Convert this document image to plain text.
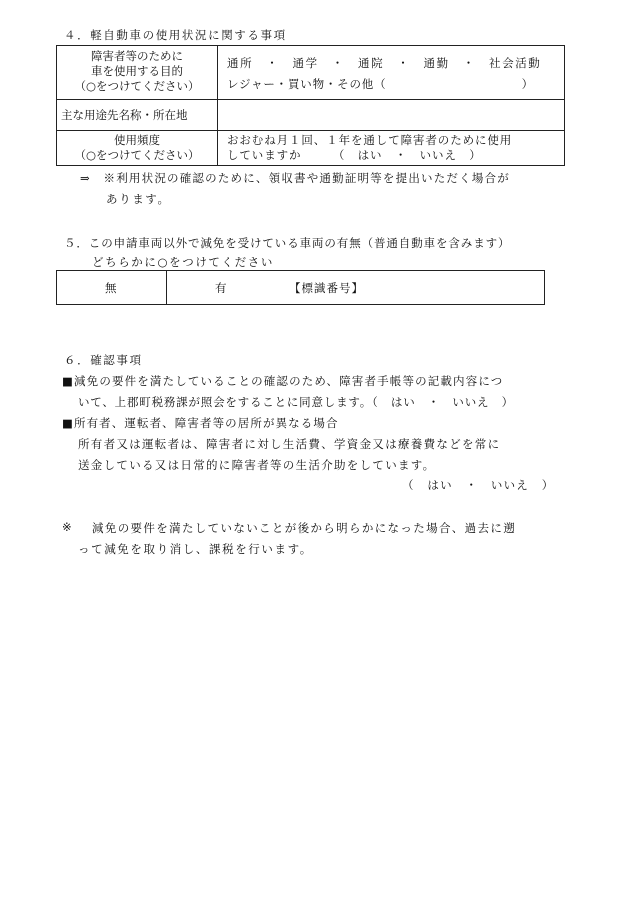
４．軽自動車の使用状況に関する事項
障害者等のために
車を使用する目的
（○をつけてください）
通所　・　通学　・　通院　・　通勤　・　社会活動
レジャー・買い物・その他（　　　　　　　　　　　）
主な用途先名称・所在地
使用頻度
（○をつけてください）
おおむね月１回、１年を通して障害者のために使用
していますか　　　（　はい　・　いいえ　）
⇒　※利用状況の確認のために、領収書や通勤証明等を提出いただく場合が
あります。
５．この申請車両以外で減免を受けている車両の有無（普通自動車を含みます）
どちらかに○をつけてください
無	有	【標識番号】
６．確認事項
■減免の要件を満たしていることの確認のため、障害者手帳等の記載内容につ
いて、上郡町税務課が照会をすることに同意します。（　はい　・　いいえ　）
■所有者、運転者、障害者等の居所が異なる場合
所有者又は運転者は、障害者に対し生活費、学資金又は療養費などを常に
送金している又は日常的に障害者等の生活介助をしています。
（　はい　・　いいえ　）
※ 減免の要件を満たしていないことが後から明らかになった場合、過去に遡
って減免を取り消し、課税を行います。
